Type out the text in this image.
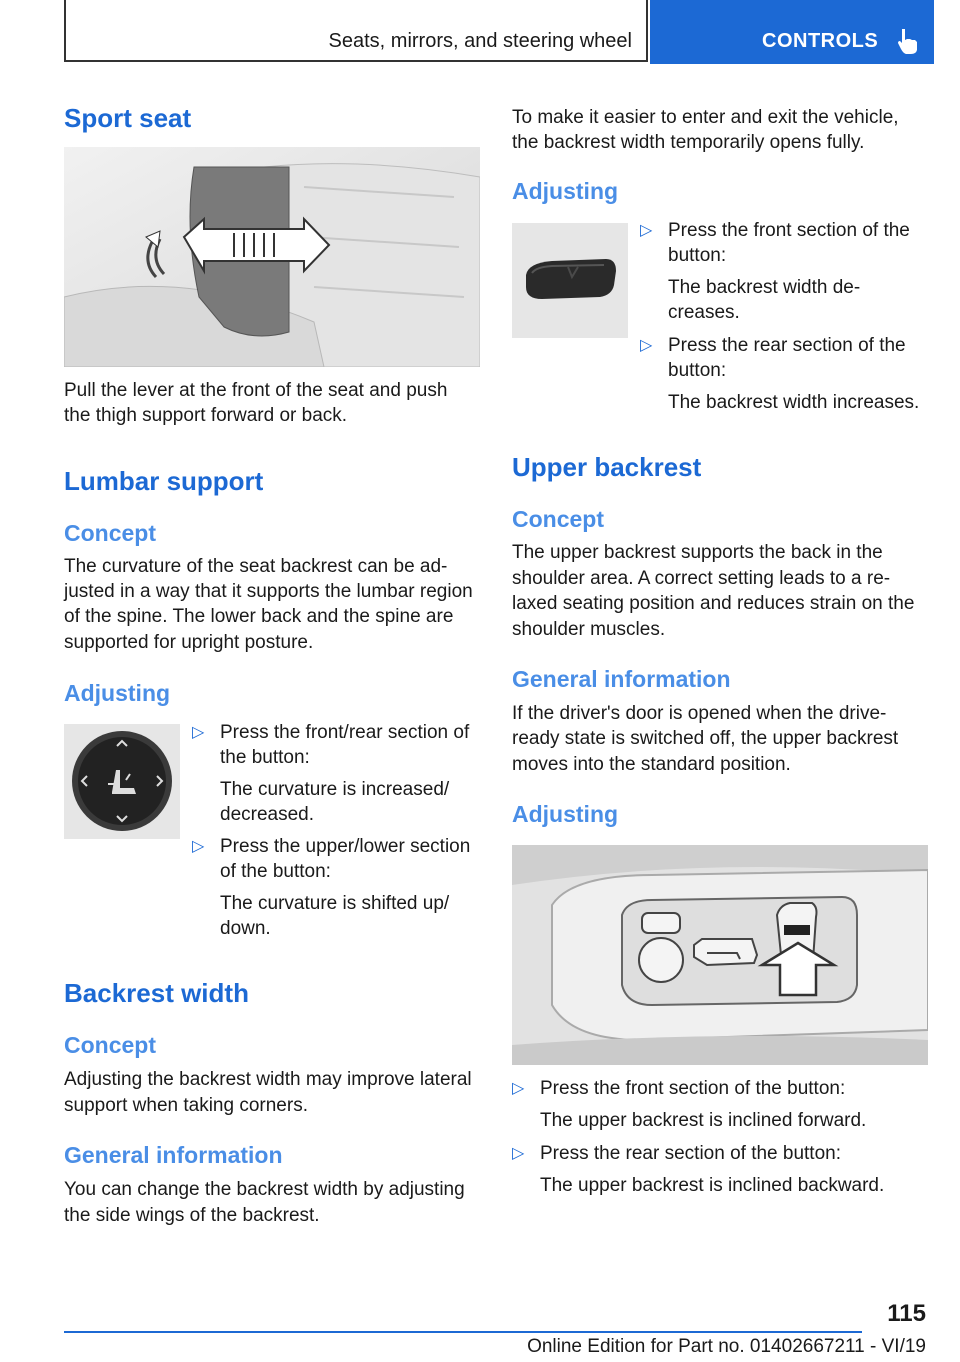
Seats, mirrors, and steering wheel	CONTROLS
Sport seat

Pull the lever at the front of the seat and push

the thigh support forward or back.

Lumbar support
Concept

The curvature of the seat backrest can be ad‐

justed in a way that it supports the lumbar region

of the spine. The lower back and the spine are

supported for upright posture.

Adjusting
▷ Press the front/rear section of
the button:
The curvature is increased/
decreased.
▷ Press the upper/lower section
of the button:
The curvature is shifted up/
down.
Backrest width
Concept

Adjusting the backrest width may improve lateral

support when taking corners.

General information

You can change the backrest width by adjusting

the side wings of the backrest.

To make it easier to enter and exit the vehicle,

the backrest width temporarily opens fully.

Adjusting
▷ Press the front section of the
button:
The backrest width de‐
creases.
▷ Press the rear section of the
button:
The backrest width increases.
Upper backrest
Concept

The upper backrest supports the back in the

shoulder area. A correct setting leads to a re‐

laxed seating position and reduces strain on the

shoulder muscles.

General information

If the driver's door is opened when the drive-

ready state is switched off, the upper backrest

moves into the standard position.

Adjusting
▷ Press the front section of the button:
The upper backrest is inclined forward.
▷ Press the rear section of the button:
The upper backrest is inclined backward.
115
Online Edition for Part no. 01402667211 - VI/19
